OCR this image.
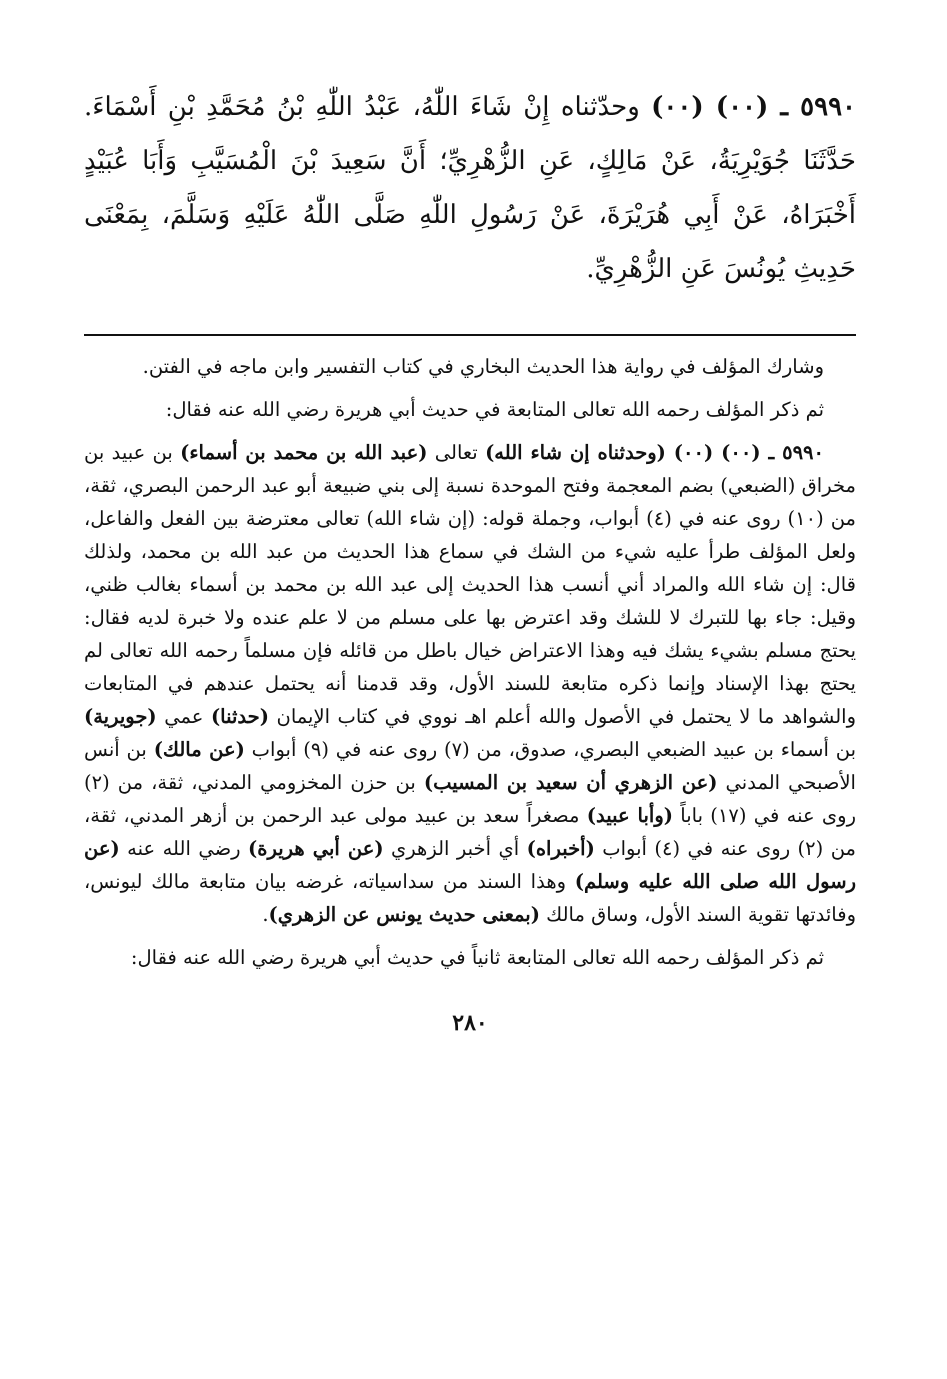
٥٩٩٠ ـ (٠٠) (٠٠) وحدّثناه إِنْ شَاءَ اللّٰهُ، عَبْدُ اللّٰهِ بْنُ مُحَمَّدِ بْنِ أَسْمَاءَ. حَدَّثَنَا جُوَيْرِيَةُ، عَنْ مَالِكٍ، عَنِ الزُّهْرِيِّ؛ أَنَّ سَعِيدَ بْنَ الْمُسَيَّبِ وَأَبَا عُبَيْدٍ أَخْبَرَاهُ، عَنْ أَبِي هُرَيْرَةَ، عَنْ رَسُولِ اللّٰهِ صَلَّى اللّٰهُ عَلَيْهِ وَسَلَّمَ، بِمَعْنَى حَدِيثِ يُونُسَ عَنِ الزُّهْرِيِّ.

وشارك المؤلف في رواية هذا الحديث البخاري في كتاب التفسير وابن ماجه في الفتن.

ثم ذكر المؤلف رحمه الله تعالى المتابعة في حديث أبي هريرة رضي الله عنه فقال:

٥٩٩٠ ـ (٠٠) (٠٠) (وحدثناه إن شاء الله) تعالى (عبد الله بن محمد بن أسماء) بن عبيد بن مخراق (الضبعي) بضم المعجمة وفتح الموحدة نسبة إلى بني ضبيعة أبو عبد الرحمن البصري، ثقة، من (١٠) روى عنه في (٤) أبواب، وجملة قوله: (إن شاء الله) تعالى معترضة بين الفعل والفاعل، ولعل المؤلف طرأ عليه شيء من الشك في سماع هذا الحديث من عبد الله بن محمد، ولذلك قال: إن شاء الله والمراد أني أنسب هذا الحديث إلى عبد الله بن محمد بن أسماء بغالب ظني، وقيل: جاء بها للتبرك لا للشك وقد اعترض بها على مسلم من لا علم عنده ولا خبرة لديه فقال: يحتج مسلم بشيء يشك فيه وهذا الاعتراض خيال باطل من قائله فإن مسلماً رحمه الله تعالى لم يحتج بهذا الإسناد وإنما ذكره متابعة للسند الأول، وقد قدمنا أنه يحتمل عندهم في المتابعات والشواهد ما لا يحتمل في الأصول والله أعلم اهـ نووي في كتاب الإيمان (حدثنا) عمي (جويرية) بن أسماء بن عبيد الضبعي البصري، صدوق، من (٧) روى عنه في (٩) أبواب (عن مالك) بن أنس الأصبحي المدني (عن الزهري أن سعيد بن المسيب) بن حزن المخزومي المدني، ثقة، من (٢) روى عنه في (١٧) باباً (وأبا عبيد) مصغراً سعد بن عبيد مولى عبد الرحمن بن أزهر المدني، ثقة، من (٢) روى عنه في (٤) أبواب (أخبراه) أي أخبر الزهري (عن أبي هريرة) رضي الله عنه (عن رسول الله صلى الله عليه وسلم) وهذا السند من سداسياته، غرضه بيان متابعة مالك ليونس، وفائدتها تقوية السند الأول، وساق مالك (بمعنى حديث يونس عن الزهري).

ثم ذكر المؤلف رحمه الله تعالى المتابعة ثانياً في حديث أبي هريرة رضي الله عنه فقال:

٢٨٠
